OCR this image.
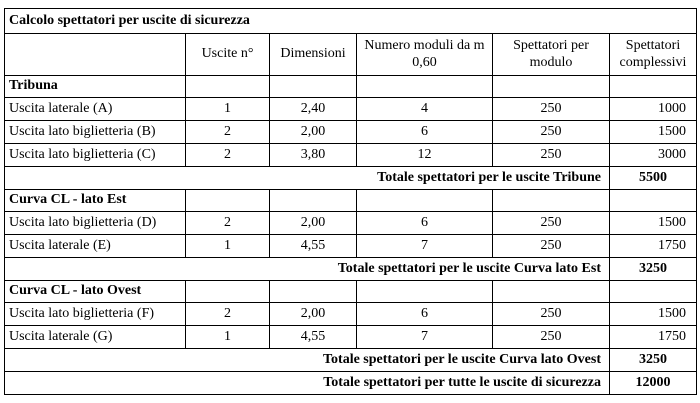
Calcolo spettatori per uscite di sicurezza					
	Uscite n°	Dimensioni	Numero moduli da m 0,60	Spettatori per modulo	Spettatori complessivi
Tribuna					
Uscita laterale (A)	1	2,40	4	250	1000
Uscita lato biglietteria (B)	2	2,00	6	250	1500
Uscita lato biglietteria (C)	2	3,80	12	250	3000
Totale spettatori per le uscite Tribune					5500
Curva CL - lato Est					
Uscita lato biglietteria (D)	2	2,00	6	250	1500
Uscita laterale (E)	1	4,55	7	250	1750
Totale spettatori per le uscite Curva lato Est					3250
Curva CL - lato Ovest					
Uscita lato biglietteria (F)	2	2,00	6	250	1500
Uscita laterale (G)	1	4,55	7	250	1750
Totale spettatori per le uscite Curva lato Ovest					3250
Totale spettatori per tutte le uscite di sicurezza					12000
